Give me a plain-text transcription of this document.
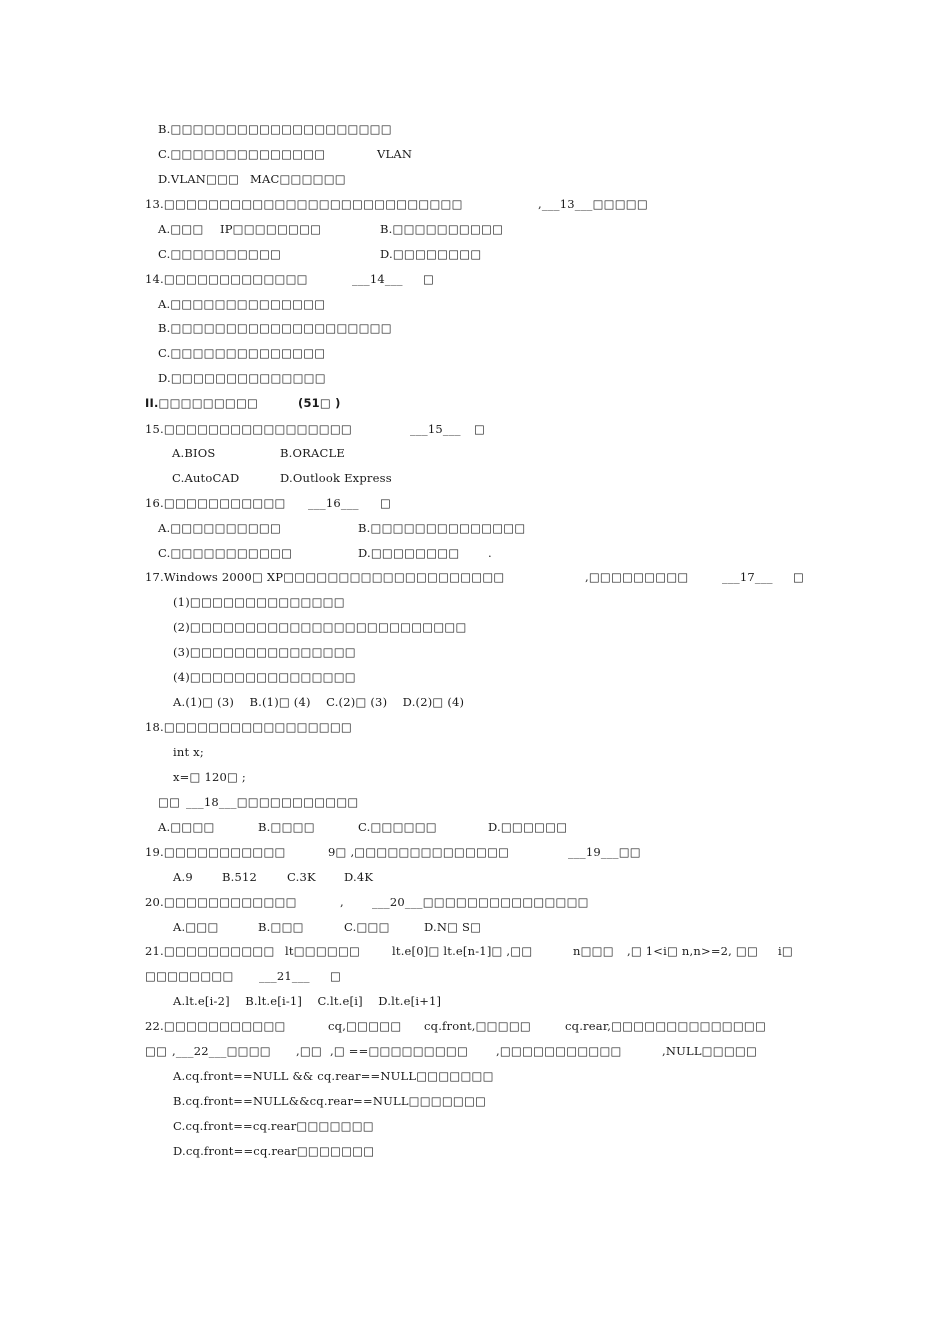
B.□□□□□□□□□□□□□□□□□□□□
C.□□□□□□□□□□□□□□	VLAN
D.VLAN□□□ MAC□□□□□□
13.□□□□□□□□□□□□□□□□□□□□□□□□□□□	,___13___□□□□□
A.□□□ IP□□□□□□□□	B.□□□□□□□□□□
C.□□□□□□□□□□	D.□□□□□□□□
14.□□□□□□□□□□□□□	___14___ □
A.□□□□□□□□□□□□□□
B.□□□□□□□□□□□□□□□□□□□□
C.□□□□□□□□□□□□□□
D.□□□□□□□□□□□□□□
II.□□□□□□□□□	(51□ )
15.□□□□□□□□□□□□□□□□□	___15___ □
A.BIOS	B.ORACLE
C.AutoCAD	D.Outlook Express
16.□□□□□□□□□□□ ___16___ □
A.□□□□□□□□□□	B.□□□□□□□□□□□□□□
C.□□□□□□□□□□□	D.□□□□□□□□ .
17.Windows 2000□ XP□□□□□□□□□□□□□□□□□□□□	,□□□□□□□□□	___17___ □
(1)□□□□□□□□□□□□□□
(2)□□□□□□□□□□□□□□□□□□□□□□□□□
(3)□□□□□□□□□□□□□□□
(4)□□□□□□□□□□□□□□□
A.(1)□ (3)    B.(1)□ (4)    C.(2)□ (3)    D.(2)□ (4)
18.□□□□□□□□□□□□□□□□□
int x;
x=□ 120□ ;
□□ ___18___□□□□□□□□□□□
A.□□□□	B.□□□□	C.□□□□□□	D.□□□□□□
19.□□□□□□□□□□□	9□ ,□□□□□□□□□□□□□□	___19___□□
A.9	B.512	C.3K D.4K
20.□□□□□□□□□□□□	, ___20___□□□□□□□□□□□□□□□
A.□□□	B.□□□	C.□□□	D.N□ S□
21.□□□□□□□□□□ lt□□□□□□	lt.e[0]□ lt.e[n-1]□ ,□□	n□□□ ,□ 1<i□ n,n>=2, □□ i□
□□□□□□□□ ___21___ □
A.lt.e[i-2]    B.lt.e[i-1]    C.lt.e[i]    D.lt.e[i+1]
22.□□□□□□□□□□□	cq,□□□□□ cq.front,□□□□□	cq.rear,□□□□□□□□□□□□□□
□□ ,___22___□□□□ ,□□ ,□ ==□□□□□□□□□ ,□□□□□□□□□□□	,NULL□□□□□
A.cq.front==NULL && cq.rear==NULL□□□□□□□
B.cq.front==NULL&&cq.rear==NULL□□□□□□□
C.cq.front==cq.rear□□□□□□□
D.cq.front==cq.rear□□□□□□□
